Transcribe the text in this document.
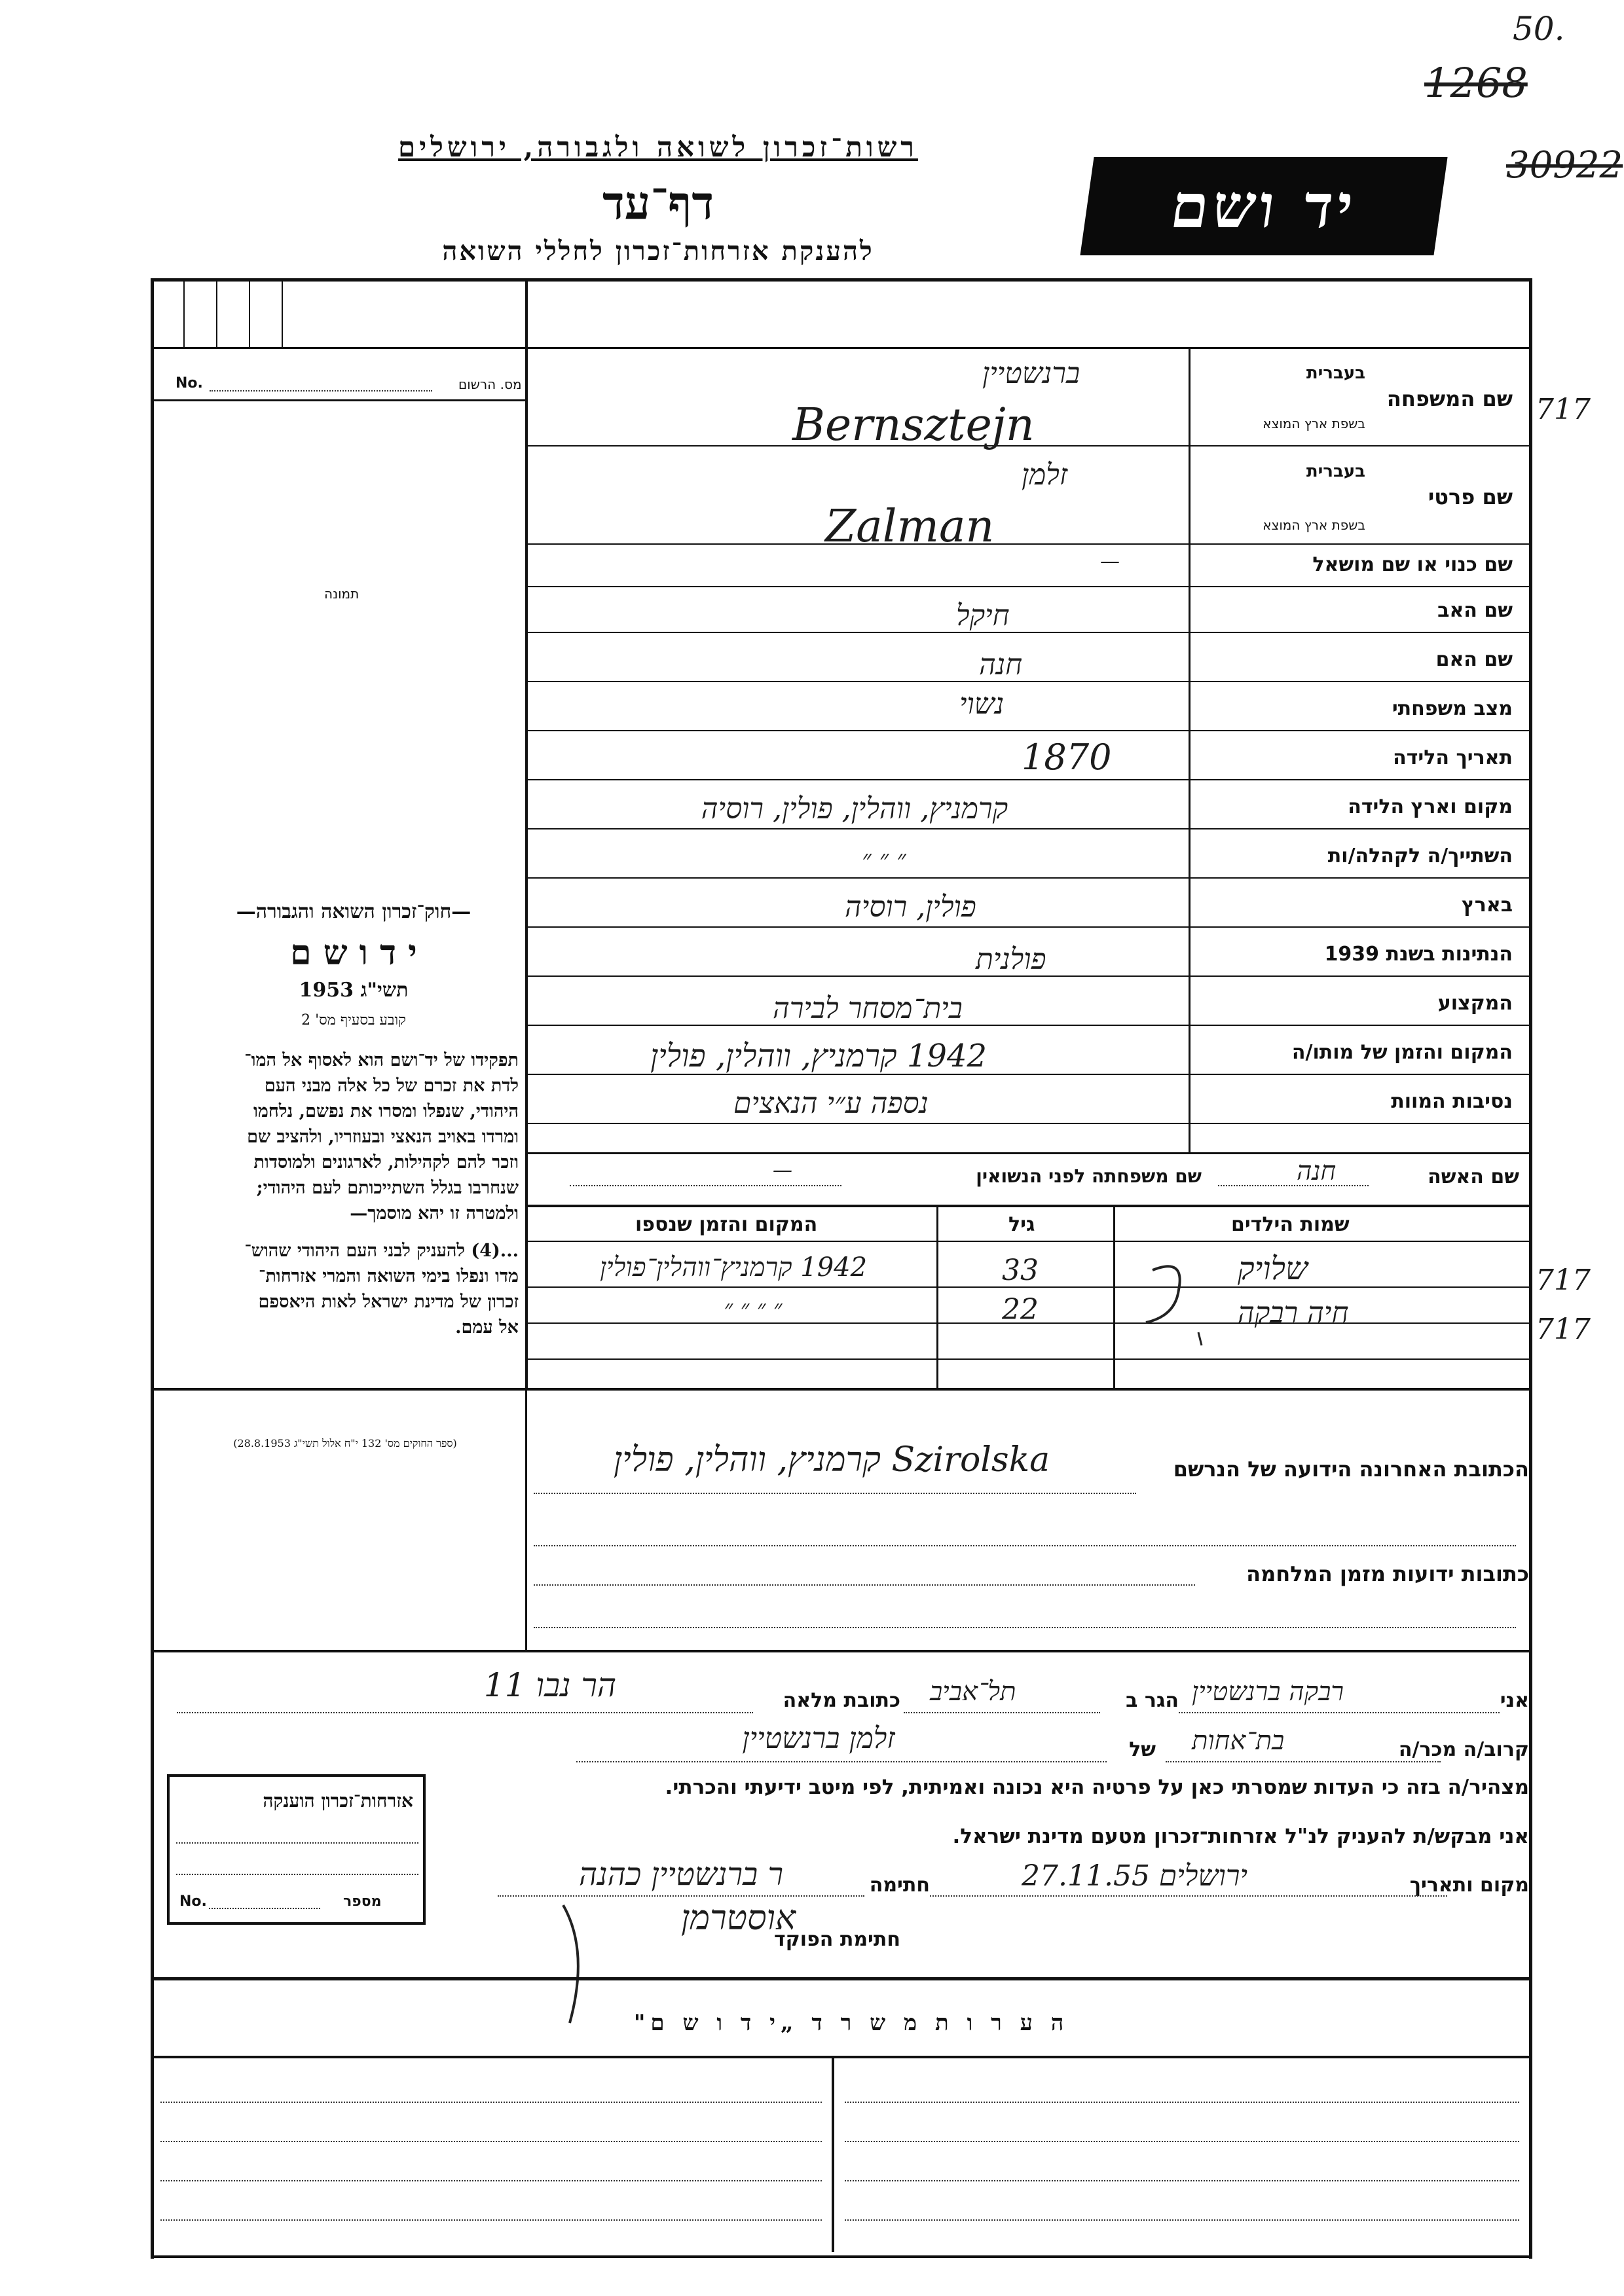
50.
1268
30922
717
717
717
רשות־זכרון לשואה ולגבורה, ירושלים
דף־עד
להענקת אזרחות־זכרון לחללי השואה
יד ושם
מס. הרשום
No.
תמונה
—חוק־זכרון השואה והגבורה—
י ד ו ש ם
תשי"ג 1953
קובע בסעיף מס' 2
תפקידו של יד־ושם הוא לאסוף אל המו־
לדת את זכרם של כל אלה מבני העם
היהודי, שנפלו ומסרו את נפשם, נלחמו
ומרדו באויב הנאצי ובעוזריו, ולהציב שם
וזכר להם לקהילות, לארגונים ולמוסדות
שנחרבו בגלל השתייכותם לעם היהודי;
ולמטרה זו יהא מוסמך—
...(4) להעניק לבני העם היהודי שהוש־
מדו ונפלו בימי השואה והמרי אזרחות־
זכרון של מדינת ישראל לאות היאספם
אל עמם.
(ספר החוקים מס' 132 י"ח אלול תשי"ג 28.8.1953)
שם המשפחה
בעברית
בשפת ארץ המוצא
שם פרטי
בעברית
בשפת ארץ המוצא
שם כנוי או שם מושאל
שם האב
שם האם
מצב משפחתי
תאריך הלידה
מקום וארץ הלידה
השתייך/ה לקהלה/ות
בארץ
הנתינות בשנת 1939
המקצוע
המקום והזמן של מותו/ה
נסיבות המוות
ברנשטיין
Bernsztejn
זלמן
Zalman
—
חיקל
חנה
נשוי
1870
קרמניץ, ווהלין, פולין, רוסיה
״ ״ ״
פולין, רוסיה
פולנית
בית־מסחר לבירה
1942 קרמניץ, ווהלין, פולין
נספה ע״י הנאצים
שם האשה
חנה
שם משפחתה לפני הנשואין
—
שמות הילדים
גיל
המקום והזמן שנספו
שלויק
33
1942 קרמניץ־ווהלין־פולין
חיה רבקה
22
״ ״ ״ ״
הכתובת האחרונה הידועה של הנרשם
Szirolska קרמניץ, ווהלין, פולין
כתובות ידועות מזמן המלחמה
אני
רבקה ברנשטיין
הגר ב
תל־אביב
כתובת מלאה
הר נבו 11
קרוב/ה מכר/ה
בת־אחות
של
זלמן ברנשטיין
מצהיר/ה בזה כי העדות שמסרתי כאן על פרטיה היא נכונה ואמיתית, לפי מיטב ידיעתי והכרתי.
אני מבקש/ת להעניק לנ"ל אזרחות־זכרון מטעם מדינת ישראל.
מקום ותאריך
ירושלים 27.11.55
חתימה
ר ברנשטיין כהנה
חתימת הפוקד
אוסטרמן
אזרחות־זכרון הוענקה
No.	מספר
ה ע ר ו ת מ ש ר ד „י ד ו ש ם"
